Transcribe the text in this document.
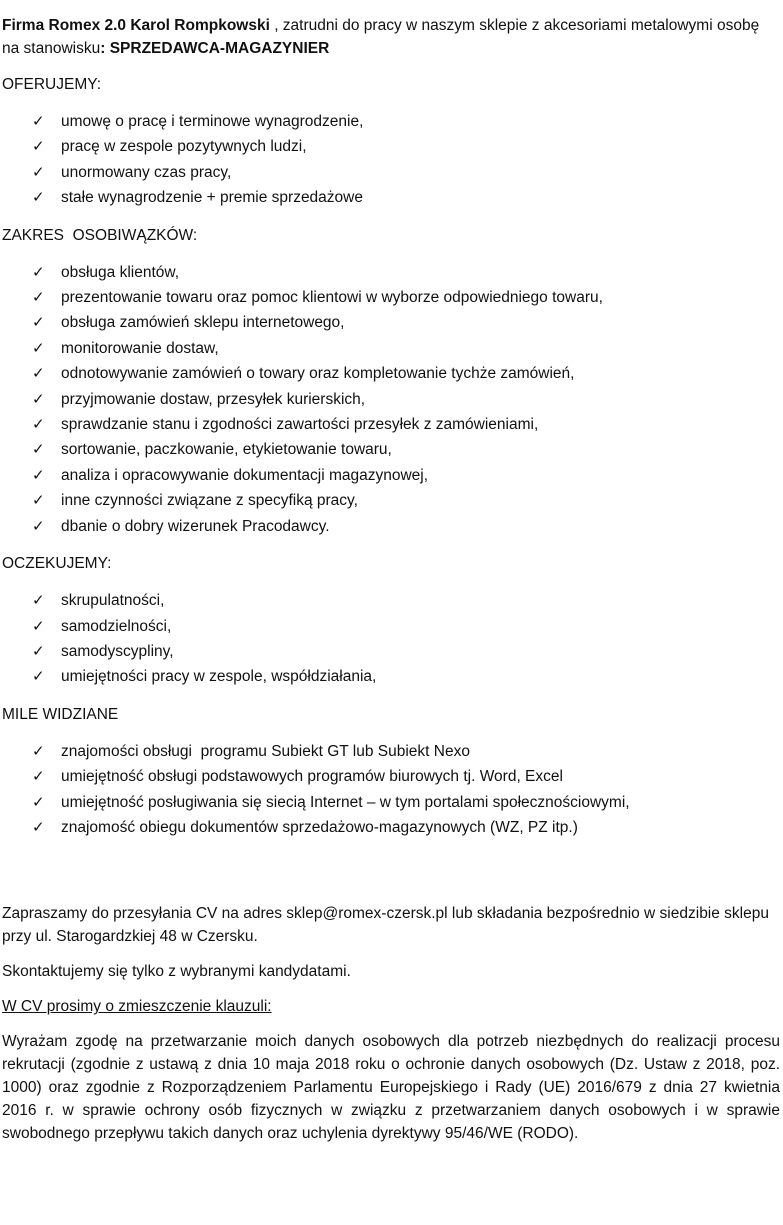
Firma Romex 2.0 Karol Rompkowski , zatrudni do pracy w naszym sklepie z akcesoriami metalowymi osobę na stanowisku: SPRZEDAWCA-MAGAZYNIER

OFERUJEMY:

✓ umowę o pracę i terminowe wynagrodzenie,
✓ pracę w zespole pozytywnych ludzi,
✓ unormowany czas pracy,
✓ stałe wynagrodzenie + premie sprzedażowe

ZAKRES  OSOBIWĄZKÓW:

✓ obsługa klientów,
✓ prezentowanie towaru oraz pomoc klientowi w wyborze odpowiedniego towaru,
✓ obsługa zamówień sklepu internetowego,
✓ monitorowanie dostaw,
✓ odnotowywanie zamówień o towary oraz kompletowanie tychże zamówień,
✓ przyjmowanie dostaw, przesyłek kurierskich,
✓ sprawdzanie stanu i zgodności zawartości przesyłek z zamówieniami,
✓ sortowanie, paczkowanie, etykietowanie towaru,
✓ analiza i opracowywanie dokumentacji magazynowej,
✓ inne czynności związane z specyfiką pracy,
✓ dbanie o dobry wizerunek Pracodawcy.

OCZEKUJEMY:

✓ skrupulatności,
✓ samodzielności,
✓ samodyscypliny,
✓ umiejętności pracy w zespole, współdziałania,

MILE WIDZIANE

✓ znajomości obsługi  programu Subiekt GT lub Subiekt Nexo
✓ umiejętność obsługi podstawowych programów biurowych tj. Word, Excel
✓ umiejętność posługiwania się siecią Internet – w tym portalami społecznościowymi,
✓ znajomość obiegu dokumentów sprzedażowo-magazynowych (WZ, PZ itp.)

Zapraszamy do przesyłania CV na adres sklep@romex-czersk.pl lub składania bezpośrednio w siedzibie sklepu przy ul. Starogardzkiej 48 w Czersku.

Skontaktujemy się tylko z wybranymi kandydatami.

W CV prosimy o zmieszczenie klauzuli:

Wyrażam zgodę na przetwarzanie moich danych osobowych dla potrzeb niezbędnych do realizacji procesu rekrutacji (zgodnie z ustawą z dnia 10 maja 2018 roku o ochronie danych osobowych (Dz. Ustaw z 2018, poz. 1000) oraz zgodnie z Rozporządzeniem Parlamentu Europejskiego i Rady (UE) 2016/679 z dnia 27 kwietnia 2016 r. w sprawie ochrony osób fizycznych w związku z przetwarzaniem danych osobowych i w sprawie swobodnego przepływu takich danych oraz uchylenia dyrektywy 95/46/WE (RODO).
